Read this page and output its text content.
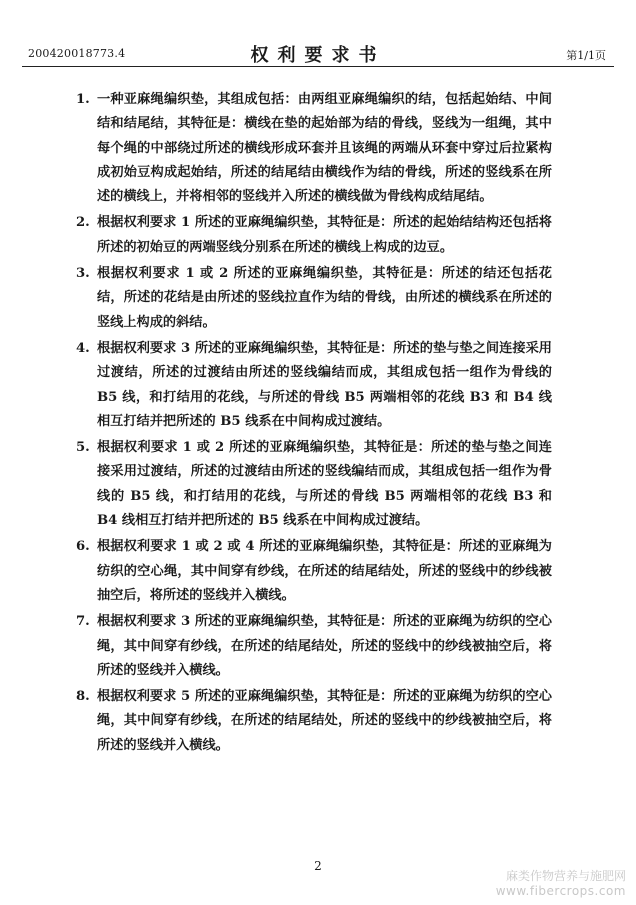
200420018773.4	权利要求书	第1/1页
1. 一种亚麻绳编织垫，其组成包括：由两组亚麻绳编织的结，包括起始结、中间结和结尾结，其特征是：横线在垫的起始部为结的骨线，竖线为一组绳，其中每个绳的中部绕过所述的横线形成环套并且该绳的两端从环套中穿过后拉紧构成初始豆构成起始结，所述的结尾结由横线作为结的骨线，所述的竖线系在所述的横线上，并将相邻的竖线并入所述的横线做为骨线构成结尾结。
2. 根据权利要求 1 所述的亚麻绳编织垫，其特征是：所述的起始结结构还包括将所述的初始豆的两端竖线分别系在所述的横线上构成的边豆。
3. 根据权利要求 1 或 2 所述的亚麻绳编织垫，其特征是：所述的结还包括花结，所述的花结是由所述的竖线拉直作为结的骨线，由所述的横线系在所述的竖线上构成的斜结。
4. 根据权利要求 3 所述的亚麻绳编织垫，其特征是：所述的垫与垫之间连接采用过渡结，所述的过渡结由所述的竖线编结而成，其组成包括一组作为骨线的 B5 线，和打结用的花线，与所述的骨线 B5 两端相邻的花线 B3 和 B4 线相互打结并把所述的 B5 线系在中间构成过渡结。
5. 根据权利要求 1 或 2 所述的亚麻绳编织垫，其特征是：所述的垫与垫之间连接采用过渡结，所述的过渡结由所述的竖线编结而成，其组成包括一组作为骨线的 B5 线，和打结用的花线，与所述的骨线 B5 两端相邻的花线 B3 和 B4 线相互打结并把所述的 B5 线系在中间构成过渡结。
6. 根据权利要求 1 或 2 或 4 所述的亚麻绳编织垫，其特征是：所述的亚麻绳为纺织的空心绳，其中间穿有纱线，在所述的结尾结处，所述的竖线中的纱线被抽空后，将所述的竖线并入横线。
7. 根据权利要求 3 所述的亚麻绳编织垫，其特征是：所述的亚麻绳为纺织的空心绳，其中间穿有纱线，在所述的结尾结处，所述的竖线中的纱线被抽空后，将所述的竖线并入横线。
8. 根据权利要求 5 所述的亚麻绳编织垫，其特征是：所述的亚麻绳为纺织的空心绳，其中间穿有纱线，在所述的结尾结处，所述的竖线中的纱线被抽空后，将所述的竖线并入横线。
2
麻类作物营养与施肥网
www.fibercrops.com
